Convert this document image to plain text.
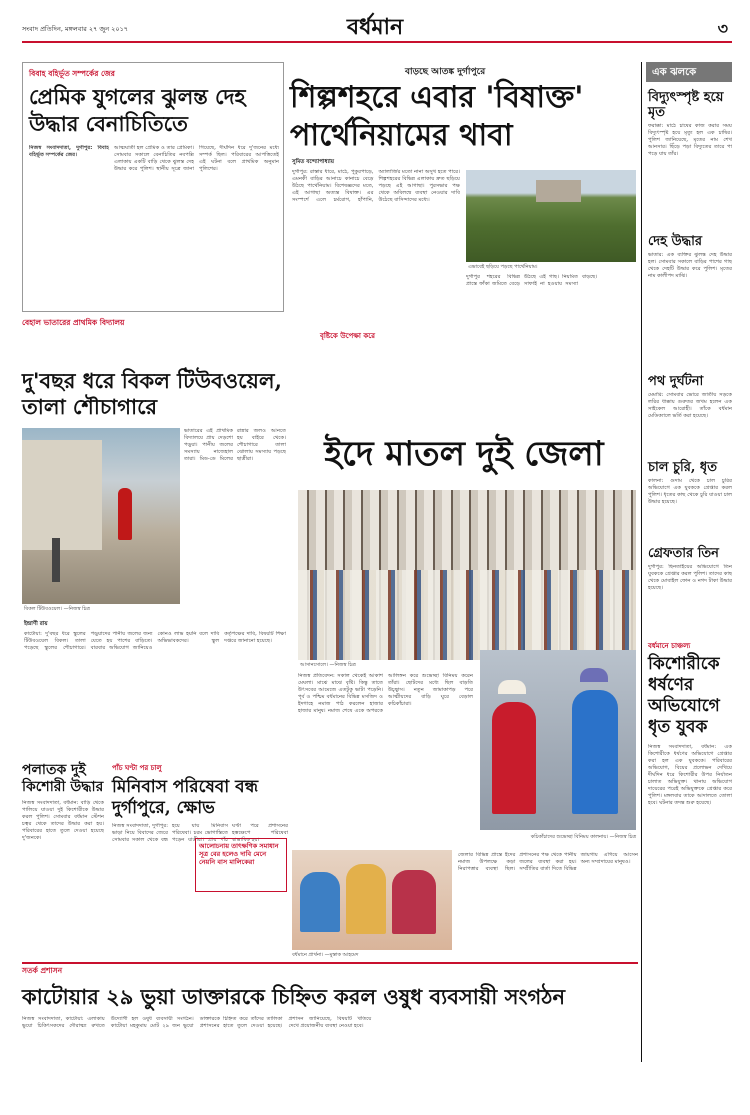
সংবাদ প্রতিদিন, মঙ্গলবার ২৭ জুন ২০১৭	বর্ধমান	৩
বিবাহ বহির্ভূত সম্পর্কের জের
প্রেমিক যুগলের ঝুলন্ত দেহ উদ্ধার বেনাচিতিতে

নিজস্ব সংবাদদাতা, দুর্গাপুর: বিবাহ বহির্ভূত সম্পর্কের জের।

আত্মঘাতী হল প্রেমিক ও তার প্রেমিকা। সোমবার সকালে বেনাচিতির নবপল্লি এলাকায় একটি বাড়ি থেকে ঝুলন্ত দেহ উদ্ধার করে পুলিশ। স্থানীয় সূত্রে জানা গিয়েছে, দীর্ঘদিন ধরে দু'জনের মধ্যে সম্পর্ক ছিল। পরিবারের আপত্তিতেই এই ঘটনা বলে প্রাথমিক অনুমান পুলিশের।

বাড়ছে আতঙ্ক দুর্গাপুরে
শিল্পশহরে এবার 'বিষাক্ত'
পার্থেনিয়ামের থাবা
সুমিত বন্দ্যোপাধ্যায়
দুর্গাপুর: রাস্তার ধারে, মাঠে, পুকুরপাড়ে, এমনকী বাড়ির আনাচে কানাচে বেড়ে উঠছে পার্থেনিয়াম। বিশেষজ্ঞদের মতে, এই আগাছা অত্যন্ত বিষাক্ত। এর সংস্পর্শে এলে চর্মরোগ, হাঁপানি, অ্যালার্জির মতো নানা অসুখ হতে পারে। শিল্পশহরের বিভিন্ন এলাকায় দ্রুত ছড়িয়ে পড়ছে এই আগাছা। পুরসভার পক্ষ থেকে অবিলম্বে ব্যবস্থা নেওয়ার দাবি উঠেছে বাসিন্দাদের মধ্যে।
এভাবেই ছড়িয়ে পড়ছে পার্থেনিয়াম।
দুর্গাপুর শহরের বিভিন্ন প্রান্তে ফাঁকা জমিতে বেড়ে উঠছে এই গাছ। নিয়মিত সাফাই না হওয়ায় সমস্যা বাড়ছে।
এক ঝলকে
বিদ্যুৎস্পৃষ্ট হয়ে মৃত
ফরাক্কা: মাঠে চাষের কাজ করার সময় বিদ্যুৎস্পৃষ্ট হয়ে মৃত্যু হল এক চাষির। পুলিশ জানিয়েছে, মৃতের নাম শেখ আনসার। ছিঁড়ে পড়া বিদ্যুতের তারে পা পড়ে যায় তাঁর।
দেহ উদ্ধার
ভাতার: এক ব্যক্তির ঝুলন্ত দেহ উদ্ধার হল। সোমবার সকালে বাড়ির পাশের গাছ থেকে দেহটি উদ্ধার করে পুলিশ। মৃতের নাম কালীপদ মাঝি।
পথ দুর্ঘটনা
মেমারি: সোমবার ভোরে জাতীয় সড়কে লরির ধাক্কায় গুরুতর জখম হলেন এক সাইকেল আরোহী। তাঁকে বর্ধমান মেডিক্যালে ভর্তি করা হয়েছে।
চাল চুরি, ধৃত
কালনা: গুদাম থেকে চাল চুরির অভিযোগে এক যুবককে গ্রেপ্তার করল পুলিশ। ধৃতের কাছ থেকে চুরি যাওয়া চাল উদ্ধার হয়েছে।
গ্রেফতার তিন
দুর্গাপুর: ছিনতাইয়ের অভিযোগে তিন যুবককে গ্রেপ্তার করল পুলিশ। তাদের কাছ থেকে মোবাইল ফোন ও নগদ টাকা উদ্ধার হয়েছে।
বর্ধমানে চাঞ্চল্য
কিশোরীকে ধর্ষণের অভিযোগে ধৃত যুবক
নিজস্ব সংবাদদাতা, বর্ধমান: এক কিশোরীকে ধর্ষণের অভিযোগে গ্রেপ্তার করা হল এক যুবককে। পরিবারের অভিযোগ, বিয়ের প্রলোভন দেখিয়ে দীর্ঘদিন ধরে কিশোরীর উপর নির্যাতন চালাত অভিযুক্ত। থানায় অভিযোগ দায়েরের পরেই অভিযুক্তকে গ্রেপ্তার করে পুলিশ। মঙ্গলবার তাকে আদালতে তোলা হবে। ঘটনার তদন্ত শুরু হয়েছে।
বেহাল ভাতারের প্রাথমিক বিদ্যালয়
দু'বছর ধরে বিকল টিউবওয়েল,
তালা শৌচাগারে
বিকল টিউবওয়েল। —নিজস্ব চিত্র
ইন্দ্রাণী রায়
কাটোয়া: দু'বছর ধরে স্কুলের টিউবওয়েল বিকল। তালা পড়েছে স্কুলের শৌচাগারে। পড়ুয়াদের পানীয় জলের জন্য যেতে হয় পাশের বাড়িতে। বারবার অভিযোগ জানিয়েও কোনও লাভ হয়নি বলে দাবি অভিভাবকদের। স্কুল কর্তৃপক্ষের দাবি, বিষয়টি শিক্ষা দপ্তরে জানানো হয়েছে।
ভাতারের এই প্রাথমিক বিদ্যালয়ে প্রায় দেড়শো পড়ুয়া। পানীয় জলের সমস্যায় নাজেহাল তারা। মিড-ডে মিলের রান্নার জলও আনতে হয় বাইরে থেকে। শৌচাগারে তালা ঝোলায় সমস্যায় পড়ছে ছাত্রীরা।
বৃষ্টিকে উপেক্ষা করে
ইদে মাতল দুই জেলা
আসানসোলে। —নিজস্ব চিত্র
নিজস্ব প্রতিবেদন: সকাল থেকেই আকাশ মেঘলা। মাঝে মাঝে বৃষ্টি। কিন্তু তাতে উৎসবের আমেজে এতটুকু ভাটা পড়েনি। পূর্ব ও পশ্চিম বর্ধমানের বিভিন্ন মসজিদ ও ইদগাহে নমাজ পাঠ করলেন হাজার হাজার মানুষ। নমাজ শেষে একে অপরকে আলিঙ্গন করে শুভেচ্ছা বিনিময় করেন তাঁরা। ছোটদের মধ্যে ছিল বাড়তি উচ্ছ্বাস। নতুন জামাকাপড় পরে আত্মীয়দের বাড়ি ঘুরে বেড়াল কচিকাঁচারা।
কচিকাঁচাদের শুভেচ্ছা বিনিময় কালনায়। —নিজস্ব চিত্র
পলাতক দুই কিশোরী উদ্ধার
নিজস্ব সংবাদদাতা, বর্ধমান: বাড়ি থেকে পালিয়ে যাওয়া দুই কিশোরীকে উদ্ধার করল পুলিশ। সোমবার বর্ধমান স্টেশন চত্বর থেকে তাদের উদ্ধার করা হয়। পরিবারের হাতে তুলে দেওয়া হয়েছে দু'জনকে।
পাঁচ ঘণ্টা পর চালু
মিনিবাস পরিষেবা বন্ধ দুর্গাপুরে, ক্ষোভ
নিজস্ব সংবাদদাতা, দুর্গাপুর: ভাড়া নিয়ে বিবাদের জেরে সোমবার সকাল থেকে বন্ধ হয়ে যায় মিনিবাস পরিষেবা। চরম ভোগান্তিতে পড়েন যাত্রীরা। প্রায় পাঁচ ঘণ্টা পরে প্রশাসনের হস্তক্ষেপে পরিষেবা স্বাভাবিক হয়।
আলোচনায় তাৎক্ষণিক সমাধান সূত্র বের হলেও দাবি মেনে নেয়নি বাস মালিকেরা
বর্ধমানে প্রার্থনা। —মুস্তাক আহমেদ
জেলার বিভিন্ন প্রান্তে ইদের নমাজ উপলক্ষে কড়া নিরাপত্তার ব্যবস্থা ছিল। প্রশাসনের পক্ষ থেকে পানীয় জলের ব্যবস্থা করা হয়। সম্প্রীতির বার্তা দিতে বিভিন্ন জায়গায় এগিয়ে আসেন অন্য সম্প্রদায়ের মানুষও।
সতর্ক প্রশাসন
কাটোয়ার ২৯ ভুয়া ডাক্তারকে চিহ্নিত করল ওষুধ ব্যবসায়ী সংগঠন
নিজস্ব সংবাদদাতা, কাটোয়া: এলাকায় ভুয়ো চিকিৎসকদের দৌরাত্ম্য রুখতে উদ্যোগী হল ওষুধ ব্যবসায়ী সংগঠন। কাটোয়া মহকুমায় মোট ২৯ জন ভুয়ো ডাক্তারকে চিহ্নিত করে তাঁদের তালিকা প্রশাসনের হাতে তুলে দেওয়া হয়েছে। প্রশাসন জানিয়েছে, বিষয়টি খতিয়ে দেখে প্রয়োজনীয় ব্যবস্থা নেওয়া হবে।
